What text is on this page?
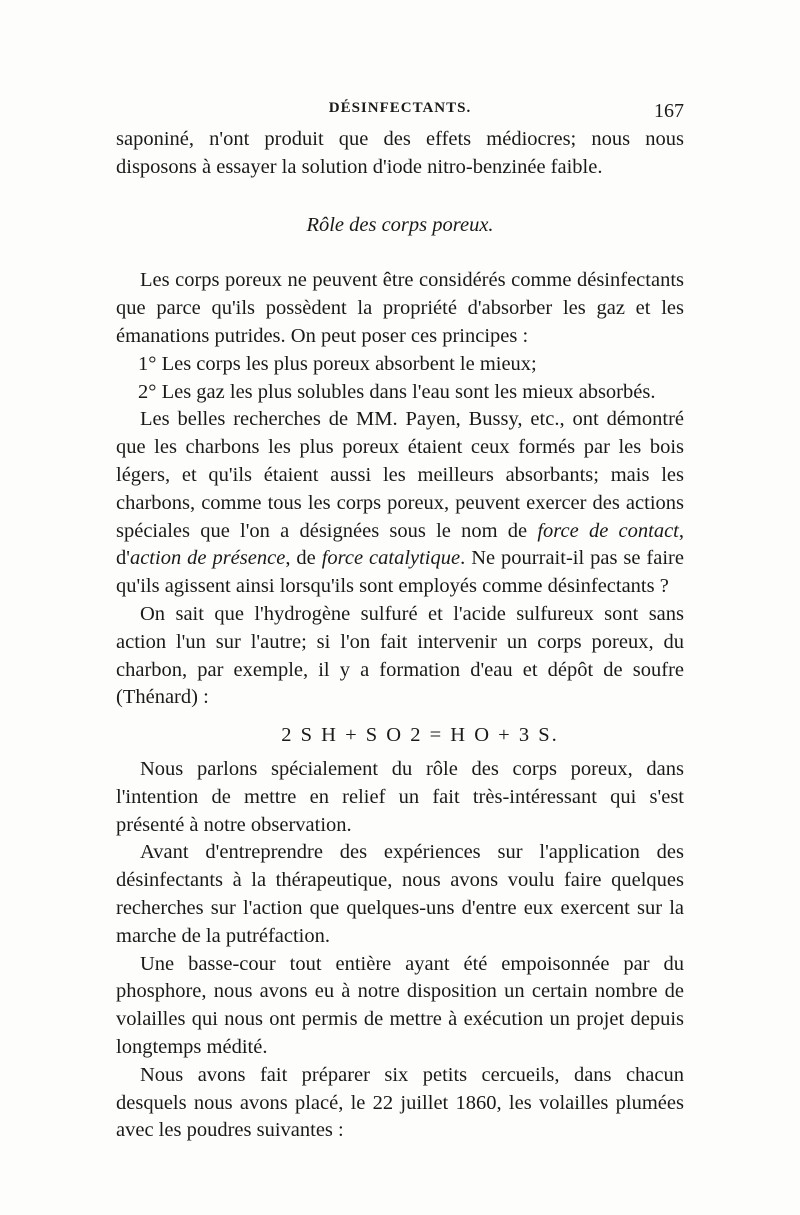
DÉSINFECTANTS.	167

saponiné, n'ont produit que des effets médiocres; nous nous disposons à essayer la solution d'iode nitro-benzinée faible.

Rôle des corps poreux.

Les corps poreux ne peuvent être considérés comme désinfectants que parce qu'ils possèdent la propriété d'absorber les gaz et les émanations putrides. On peut poser ces principes :

1° Les corps les plus poreux absorbent le mieux;

2° Les gaz les plus solubles dans l'eau sont les mieux absorbés.

Les belles recherches de MM. Payen, Bussy, etc., ont démontré que les charbons les plus poreux étaient ceux formés par les bois légers, et qu'ils étaient aussi les meilleurs absorbants; mais les charbons, comme tous les corps poreux, peuvent exercer des actions spéciales que l'on a désignées sous le nom de force de contact, d'action de présence, de force catalytique. Ne pourrait-il pas se faire qu'ils agissent ainsi lorsqu'ils sont employés comme désinfectants ?

On sait que l'hydrogène sulfuré et l'acide sulfureux sont sans action l'un sur l'autre; si l'on fait intervenir un corps poreux, du charbon, par exemple, il y a formation d'eau et dépôt de soufre (Thénard) :

2 S H + S O 2 = H O + 3 S.

Nous parlons spécialement du rôle des corps poreux, dans l'intention de mettre en relief un fait très-intéressant qui s'est présenté à notre observation.

Avant d'entreprendre des expériences sur l'application des désinfectants à la thérapeutique, nous avons voulu faire quelques recherches sur l'action que quelques-uns d'entre eux exercent sur la marche de la putréfaction.

Une basse-cour tout entière ayant été empoisonnée par du phosphore, nous avons eu à notre disposition un certain nombre de volailles qui nous ont permis de mettre à exécution un projet depuis longtemps médité.

Nous avons fait préparer six petits cercueils, dans chacun desquels nous avons placé, le 22 juillet 1860, les volailles plumées avec les poudres suivantes :
